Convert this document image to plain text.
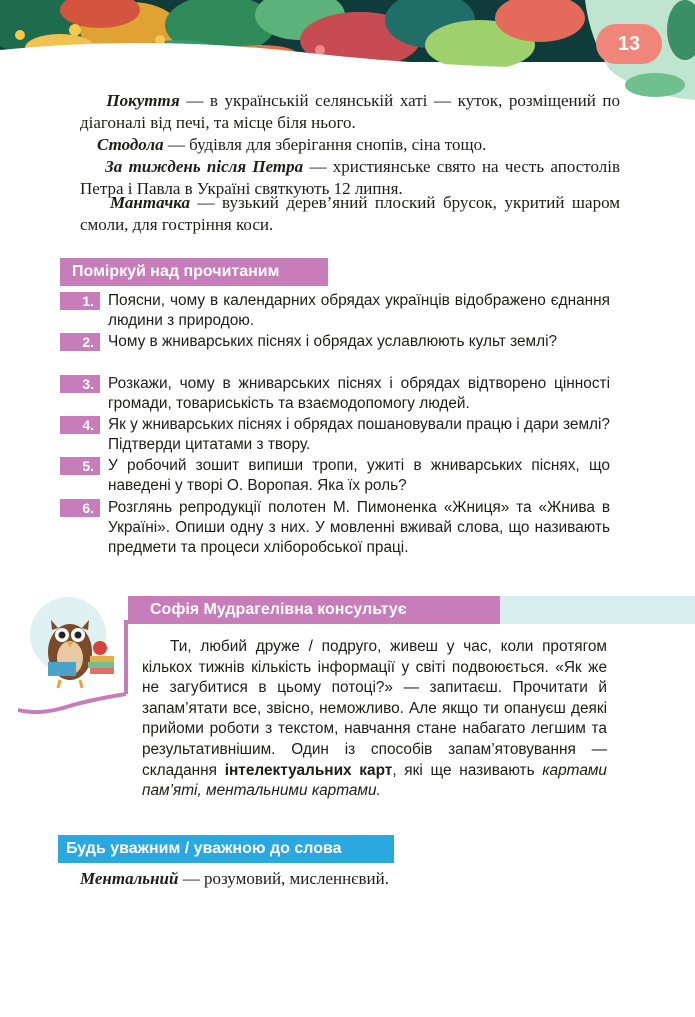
13
Покуття — в українській селянській хаті — куток, розміщений по діагоналі від печі, та місце біля нього.
Стодола — будівля для зберігання снопів, сіна тощо.
За тиждень після Петра — християнське свято на честь апостолів Петра і Павла в Україні святкують 12 липня.
Мантачка — вузький дерев’яний плоский брусок, укритий шаром смоли, для гостріння коси.
Поміркуй над прочитаним
1. Поясни, чому в календарних обрядах українців відображено єднання людини з природою.
2. Чому в жниварських піснях і обрядах уславлюють культ землі?
3. Розкажи, чому в жниварських піснях і обрядах відтворено цінності громади, товариськість та взаємодопомогу людей.
4. Як у жниварських піснях і обрядах пошановували працю і дари землі? Підтверди цитатами з твору.
5. У робочий зошит випиши тропи, ужиті в жниварських піснях, що наведені у творі О. Воропая. Яка їх роль?
6. Розглянь репродукції полотен М. Пимоненка «Жниця» та «Жнива в Україні». Опиши одну з них. У мовленні вживай слова, що називають предмети та процеси хліборобської праці.
Софія Мудрагелівна консультує
Ти, любий друже / подруго, живеш у час, коли протягом кількох тижнів кількість інформації у світі подвоюється. «Як же не загубитися в цьому потоці?» — запитаєш. Прочитати й запам’ятати все, звісно, неможливо. Але якщо ти опануєш деякі прийоми роботи з текстом, навчання стане набагато легшим та результативнішим. Один із способів запам’ятовування — складання інтелектуальних карт, які ще називають картами пам’яті, ментальними картами.
Будь уважним / уважною до слова
Ментальний — розумовий, мисленнєвий.
